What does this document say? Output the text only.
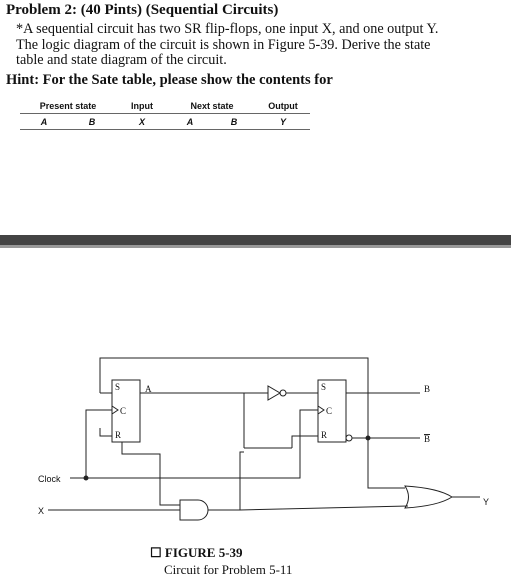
Problem 2: (40 Pints) (Sequential Circuits)
*A sequential circuit has two SR flip-flops, one input X, and one output Y.
The logic diagram of the circuit is shown in Figure 5-39. Derive the state
table and state diagram of the circuit.
Hint: For the Sate table, please show the contents for
Present state		Input	Next state		Output
A	B	X	A	B	Y
S
C
R
A	S
C
R
B
B
Clock
X
Y
☐ FIGURE 5-39
Circuit for Problem 5-11
